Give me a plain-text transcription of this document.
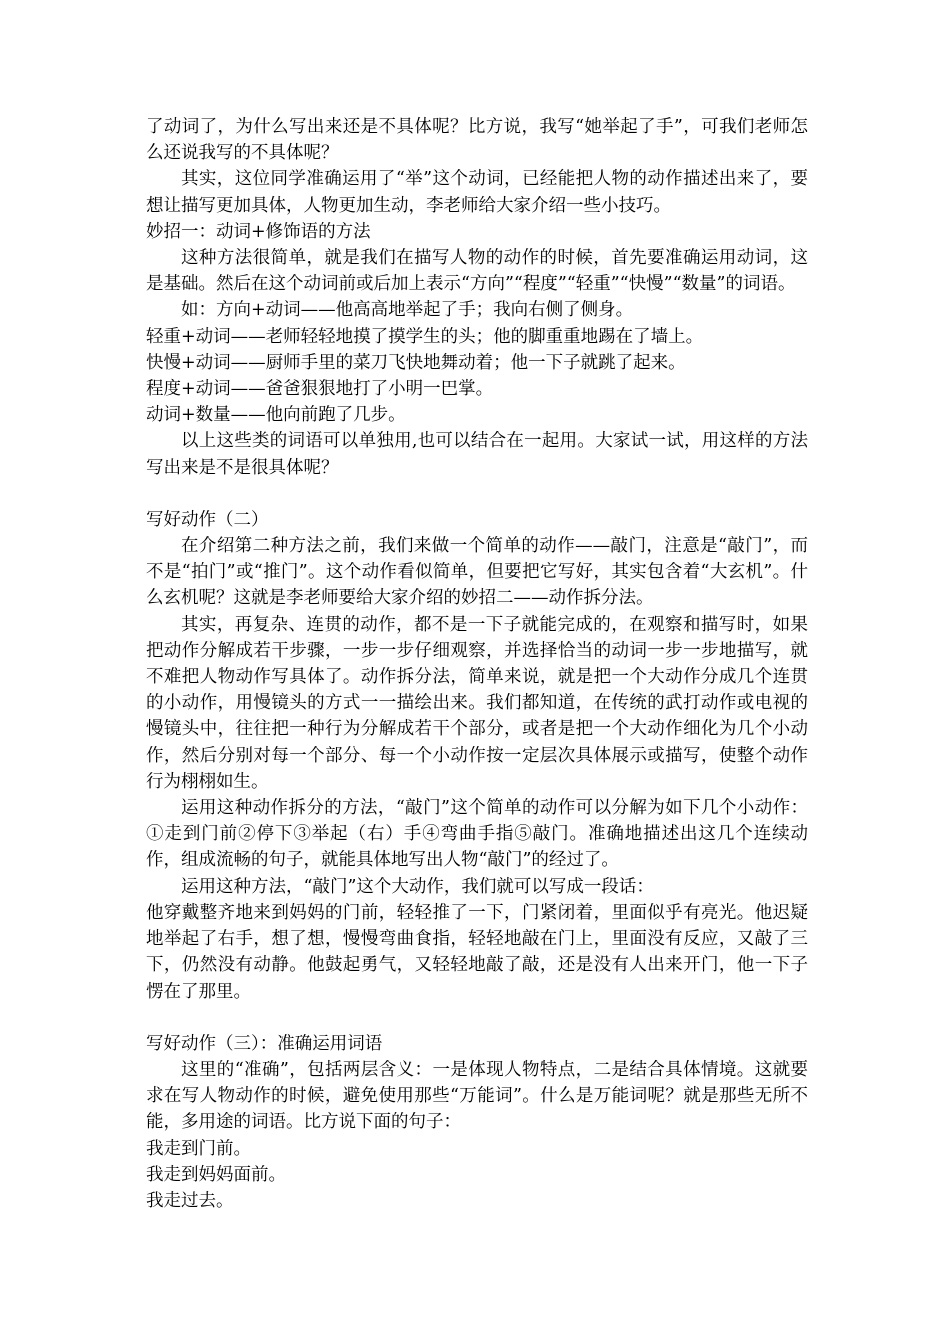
了动词了，为什么写出来还是不具体呢？比方说，我写“她举起了手”，可我们老师怎么还说我写的不具体呢？

其实，这位同学准确运用了“举”这个动词，已经能把人物的动作描述出来了，要想让描写更加具体，人物更加生动，李老师给大家介绍一些小技巧。

妙招一：动词+修饰语的方法

这种方法很简单，就是我们在描写人物的动作的时候，首先要准确运用动词，这是基础。然后在这个动词前或后加上表示“方向”“程度”“轻重”“快慢”“数量”的词语。

如：方向+动词——他高高地举起了手；我向右侧了侧身。

轻重+动词——老师轻轻地摸了摸学生的头；他的脚重重地踢在了墙上。

快慢+动词——厨师手里的菜刀飞快地舞动着；他一下子就跳了起来。

程度+动词——爸爸狠狠地打了小明一巴掌。

动词+数量——他向前跑了几步。

以上这些类的词语可以单独用,也可以结合在一起用。大家试一试，用这样的方法写出来是不是很具体呢？

写好动作（二）

在介绍第二种方法之前，我们来做一个简单的动作——敲门，注意是“敲门”，而不是“拍门”或“推门”。这个动作看似简单，但要把它写好，其实包含着“大玄机”。什么玄机呢？这就是李老师要给大家介绍的妙招二——动作拆分法。

其实，再复杂、连贯的动作，都不是一下子就能完成的，在观察和描写时，如果把动作分解成若干步骤，一步一步仔细观察，并选择恰当的动词一步一步地描写，就不难把人物动作写具体了。动作拆分法，简单来说，就是把一个大动作分成几个连贯的小动作，用慢镜头的方式一一描绘出来。我们都知道，在传统的武打动作或电视的慢镜头中，往往把一种行为分解成若干个部分，或者是把一个大动作细化为几个小动作，然后分别对每一个部分、每一个小动作按一定层次具体展示或描写，使整个动作行为栩栩如生。

运用这种动作拆分的方法，“敲门”这个简单的动作可以分解为如下几个小动作：①走到门前②停下③举起（右）手④弯曲手指⑤敲门。准确地描述出这几个连续动作，组成流畅的句子，就能具体地写出人物“敲门”的经过了。

运用这种方法，“敲门”这个大动作，我们就可以写成一段话：

他穿戴整齐地来到妈妈的门前，轻轻推了一下，门紧闭着，里面似乎有亮光。他迟疑地举起了右手，想了想，慢慢弯曲食指，轻轻地敲在门上，里面没有反应，又敲了三下，仍然没有动静。他鼓起勇气，又轻轻地敲了敲，还是没有人出来开门，他一下子愣在了那里。

写好动作（三）：准确运用词语

这里的“准确”，包括两层含义：一是体现人物特点，二是结合具体情境。这就要求在写人物动作的时候，避免使用那些“万能词”。什么是万能词呢？就是那些无所不能，多用途的词语。比方说下面的句子：

我走到门前。

我走到妈妈面前。

我走过去。
